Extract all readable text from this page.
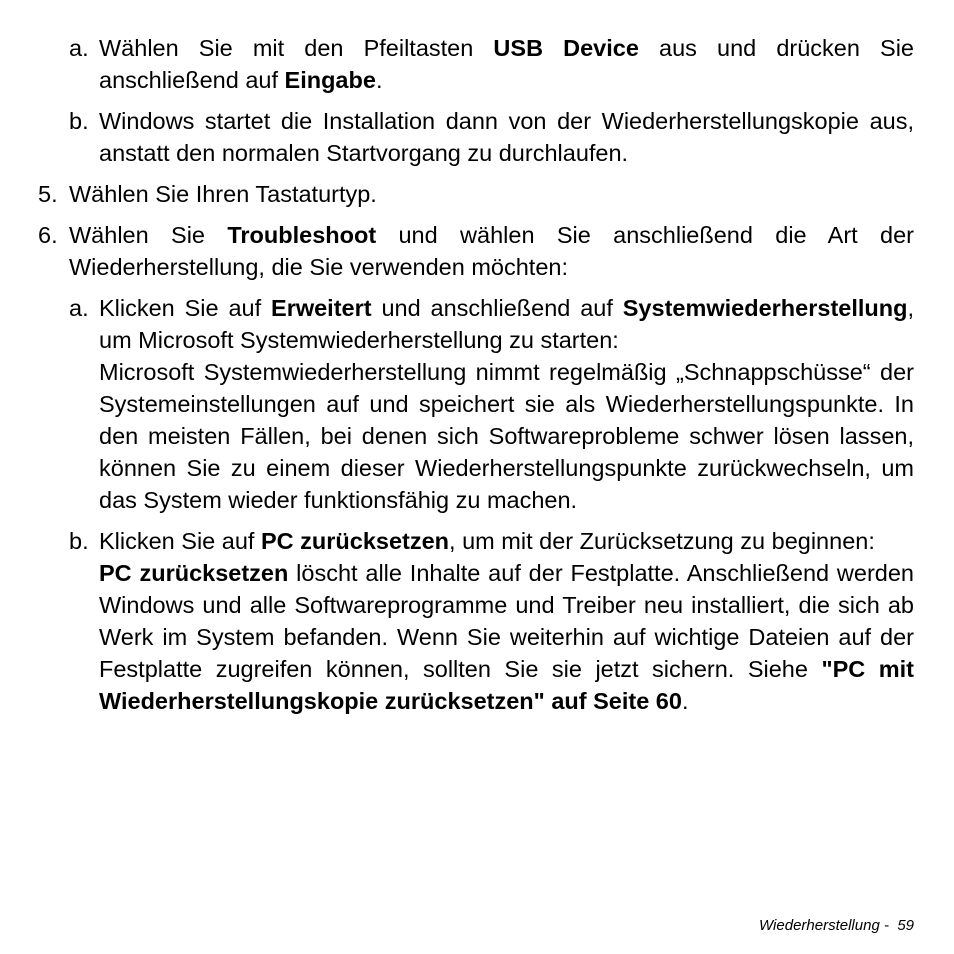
a. Wählen Sie mit den Pfeiltasten USB Device aus und drücken Sie anschließend auf Eingabe.
b. Windows startet die Installation dann von der Wiederherstellungskopie aus, anstatt den normalen Startvorgang zu durchlaufen.
5. Wählen Sie Ihren Tastaturtyp.
6. Wählen Sie Troubleshoot und wählen Sie anschließend die Art der Wiederherstellung, die Sie verwenden möchten:
a. Klicken Sie auf Erweitert und anschließend auf Systemwiederherstellung, um Microsoft Systemwiederherstellung zu starten:
Microsoft Systemwiederherstellung nimmt regelmäßig „Schnappschüsse“ der Systemeinstellungen auf und speichert sie als Wiederherstellungspunkte. In den meisten Fällen, bei denen sich Softwareprobleme schwer lösen lassen, können Sie zu einem dieser Wiederherstellungspunkte zurückwechseln, um das System wieder funktionsfähig zu machen.
b. Klicken Sie auf PC zurücksetzen, um mit der Zurücksetzung zu beginnen:
PC zurücksetzen löscht alle Inhalte auf der Festplatte. Anschließend werden Windows und alle Softwareprogramme und Treiber neu installiert, die sich ab Werk im System befanden. Wenn Sie weiterhin auf wichtige Dateien auf der Festplatte zugreifen können, sollten Sie sie jetzt sichern. Siehe "PC mit Wiederherstellungskopie zurücksetzen" auf Seite 60.
Wiederherstellung - 59
